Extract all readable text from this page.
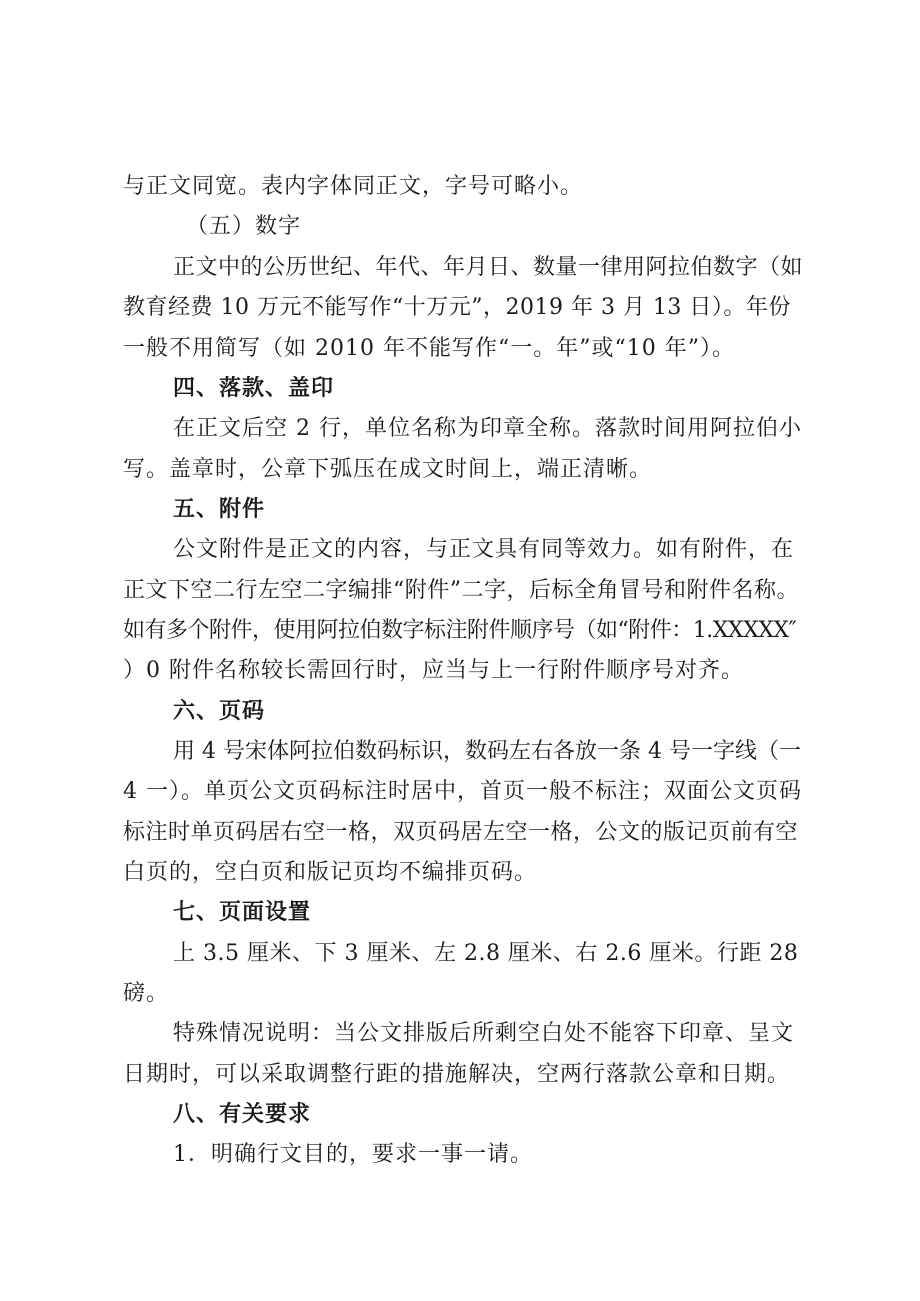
与正文同宽。表内字体同正文，字号可略小。
（五）数字
正文中的公历世纪、年代、年月日、数量一律用阿拉伯数字（如
教育经费 10 万元不能写作“十万元”，2019 年 3 月 13 日）。年份
一般不用简写（如 2010 年不能写作“一。年”或“10 年”）。
四、落款、盖印
在正文后空 2 行，单位名称为印章全称。落款时间用阿拉伯小
写。盖章时，公章下弧压在成文时间上，端正清晰。
五、附件
公文附件是正文的内容，与正文具有同等效力。如有附件，在
正文下空二行左空二字编排“附件”二字，后标全角冒号和附件名称。
如有多个附件，使用阿拉伯数字标注附件顺序号（如“附件：1.XXXXX″
）0 附件名称较长需回行时，应当与上一行附件顺序号对齐。
六、页码
用 4 号宋体阿拉伯数码标识，数码左右各放一条 4 号一字线（一
4 一）。单页公文页码标注时居中，首页一般不标注；双面公文页码
标注时单页码居右空一格，双页码居左空一格，公文的版记页前有空
白页的，空白页和版记页均不编排页码。
七、页面设置
上 3.5 厘米、下 3 厘米、左 2.8 厘米、右 2.6 厘米。行距 28
磅。
特殊情况说明：当公文排版后所剩空白处不能容下印章、呈文
日期时，可以采取调整行距的措施解决，空两行落款公章和日期。
八、有关要求
1．明确行文目的，要求一事一请。
